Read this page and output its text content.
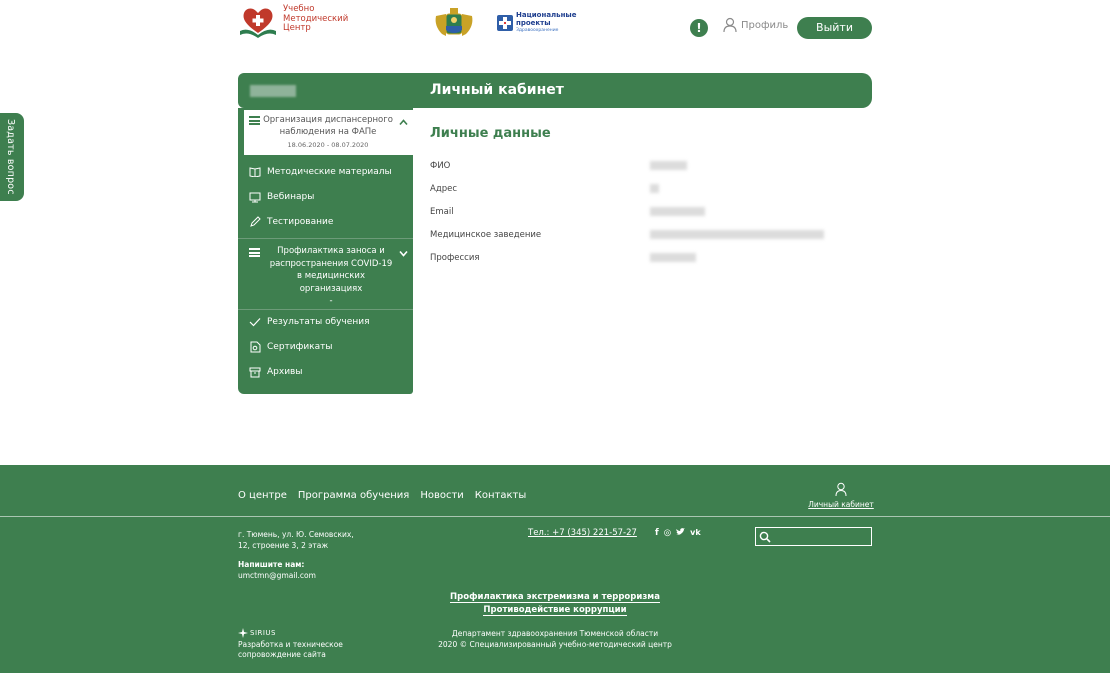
Учебно
Методический
Центр
Национальные
проекты
Здравоохранение	!	Профиль	Выйти
Задать вопрос
Личный кабинет
Организация диспансерного наблюдения на ФАПе
18.06.2020 - 08.07.2020
Методические материалы
Вебинары
Тестирование
Профилактика заноса и
распространения COVID-19
в медицинских
организациях
-
Результаты обучения
Сертификаты
Архивы
Личные данные
ФИО
Адрес
Email
Медицинское заведение
Профессия
О центре Программа обучения Новости Контакты
Личный кабинет
г. Тюмень, ул. Ю. Семовских,
12, строение 3, 2 этаж
Напишите нам:
umctmn@gmail.com
Тел.: +7 (345) 221-57-27 f ◎ vk
Профилактика экстремизма и терроризма
Противодействие коррупции
SIRIUS
Разработка и техническое
сопровождение сайта
Департамент здравоохранения Тюменской области
2020 © Специализированный учебно-методический центр
